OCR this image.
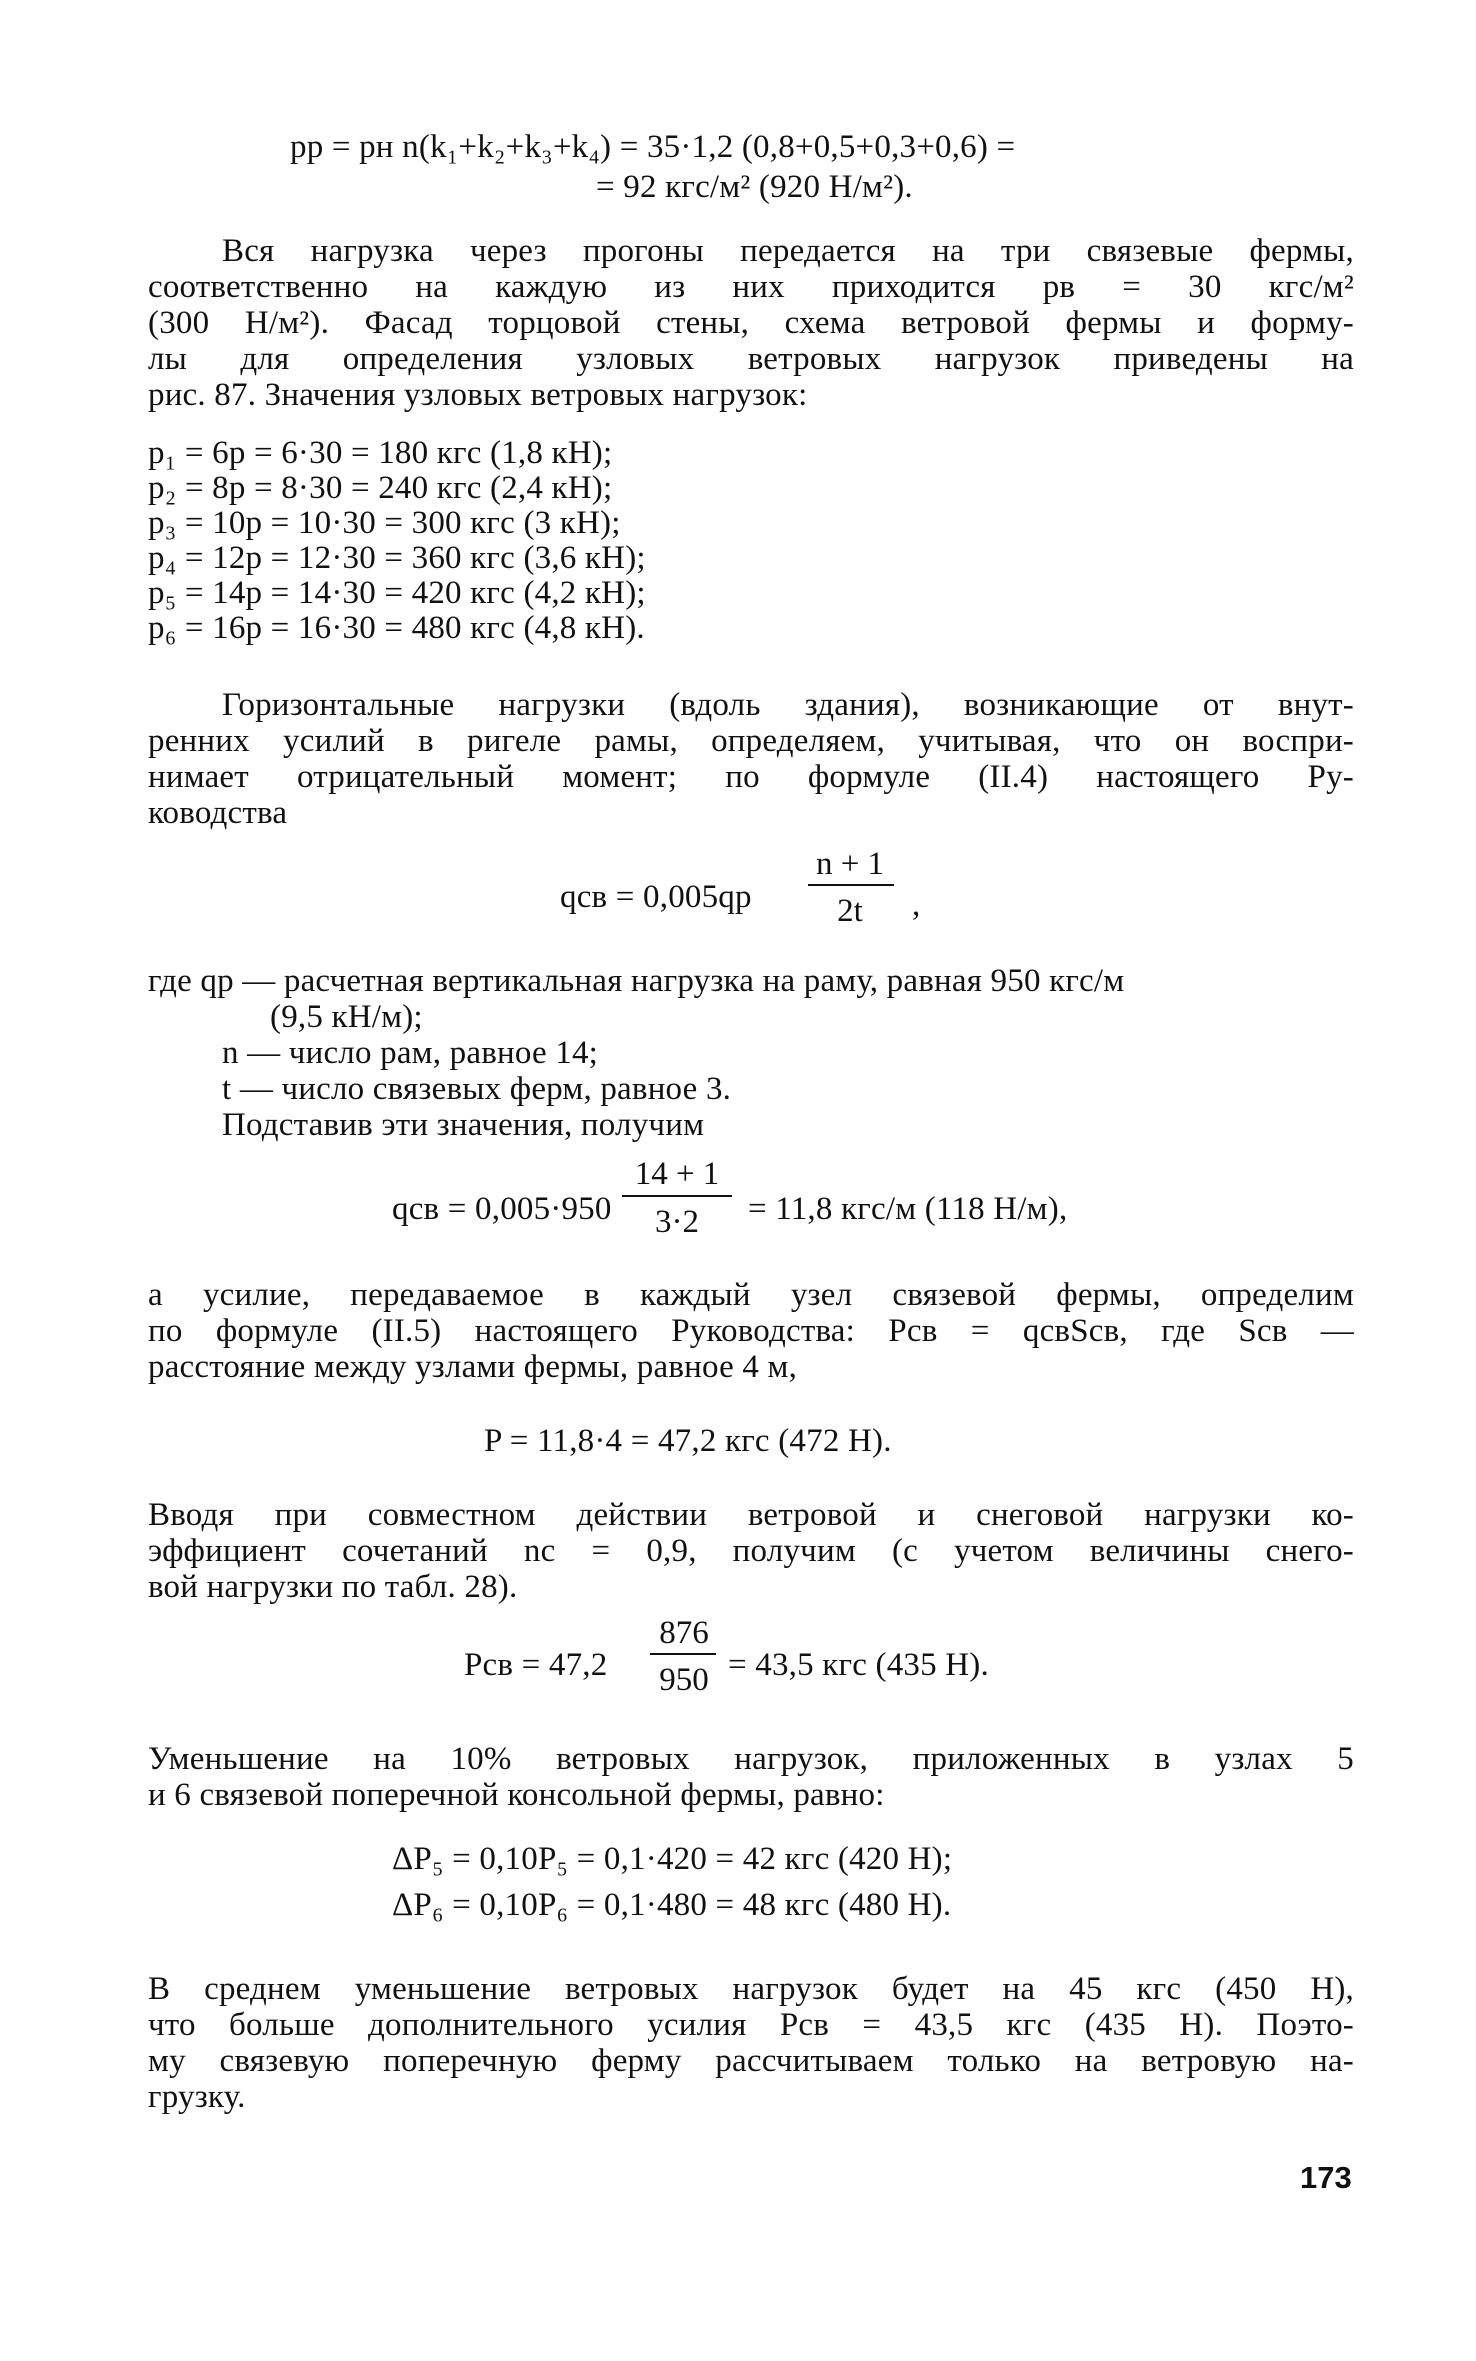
pр = pн n(k₁+k₂+k₃+k₄) = 35·1,2 (0,8+0,5+0,3+0,6) =
= 92 кгс/м² (920 Н/м²).
Вся нагрузка через прогоны передается на три связевые фермы,
соответственно на каждую из них приходится pв = 30 кгс/м²
(300 Н/м²). Фасад торцовой стены, схема ветровой фермы и форму-
лы для определения узловых ветровых нагрузок приведены на
рис. 87. Значения узловых ветровых нагрузок:
p₁ = 6p = 6·30 = 180 кгс (1,8 кН);
p₂ = 8p = 8·30 = 240 кгс (2,4 кН);
p₃ = 10p = 10·30 = 300 кгс (3 кН);
p₄ = 12p = 12·30 = 360 кгс (3,6 кН);
p₅ = 14p = 14·30 = 420 кгс (4,2 кН);
p₆ = 16p = 16·30 = 480 кгс (4,8 кН).
Горизонтальные нагрузки (вдоль здания), возникающие от внут-
ренних усилий в ригеле рамы, определяем, учитывая, что он воспри-
нимает отрицательный момент; по формуле (II.4) настоящего Ру-
ководства
qсв = 0,005qр
n + 1
2t	,
где qр — расчетная вертикальная нагрузка на раму, равная 950 кгс/м
(9,5 кН/м);
n — число рам, равное 14;
t — число связевых ферм, равное 3.
Подставив эти значения, получим
qсв = 0,005·950
14 + 1
3·2	= 11,8 кгс/м (118 Н/м),
а усилие, передаваемое в каждый узел связевой фермы, определим
по формуле (II.5) настоящего Руководства: Pсв = qсвSсв, где Sсв —
расстояние между узлами фермы, равное 4 м,
P = 11,8·4 = 47,2 кгс (472 Н).
Вводя при совместном действии ветровой и снеговой нагрузки ко-
эффициент сочетаний nс = 0,9, получим (с учетом величины снего-
вой нагрузки по табл. 28).
Pсв = 47,2
876
950 = 43,5 кгс (435 Н).
Уменьшение на 10% ветровых нагрузок, приложенных в узлах 5
и 6 связевой поперечной консольной фермы, равно:
ΔP₅ = 0,10P₅ = 0,1·420 = 42 кгс (420 Н);
ΔP₆ = 0,10P₆ = 0,1·480 = 48 кгс (480 Н).
В среднем уменьшение ветровых нагрузок будет на 45 кгс (450 Н),
что больше дополнительного усилия Pсв = 43,5 кгс (435 Н). Поэто-
му связевую поперечную ферму рассчитываем только на ветровую на-
грузку.
173
